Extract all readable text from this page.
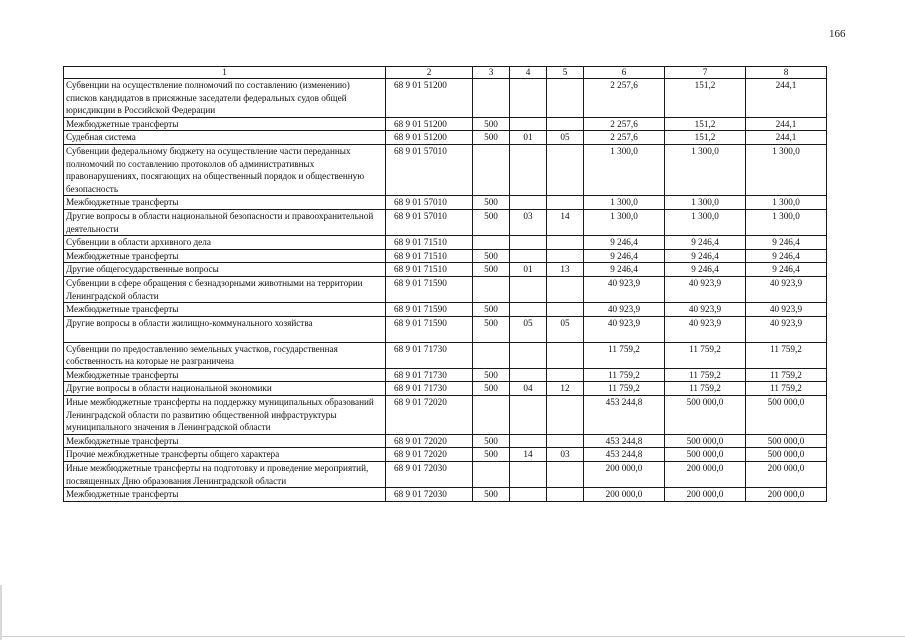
166
1	2	3	4	5	6	7	8
Субвенции на осуществление полномочий по составлению (изменению) списков кандидатов в присяжные заседатели федеральных судов общей юрисдикции в Российской Федерации	68 9 01 51200				2 257,6	151,2	244,1
Межбюджетные трансферты	68 9 01 51200	500			2 257,6	151,2	244,1
Судебная система	68 9 01 51200	500	01	05	2 257,6	151,2	244,1
Субвенции федеральному бюджету на осуществление части переданных полномочий по составлению протоколов об административных правонарушениях, посягающих на общественный порядок и общественную безопасность	68 9 01 57010				1 300,0	1 300,0	1 300,0
Межбюджетные трансферты	68 9 01 57010	500			1 300,0	1 300,0	1 300,0
Другие вопросы в области национальной безопасности и правоохранительной деятельности	68 9 01 57010	500	03	14	1 300,0	1 300,0	1 300,0
Субвенции в области архивного дела	68 9 01 71510				9 246,4	9 246,4	9 246,4
Межбюджетные трансферты	68 9 01 71510	500			9 246,4	9 246,4	9 246,4
Другие общегосударственные вопросы	68 9 01 71510	500	01	13	9 246,4	9 246,4	9 246,4
Субвенции в сфере обращения с безнадзорными животными на территории Ленинградской области	68 9 01 71590				40 923,9	40 923,9	40 923,9
Межбюджетные трансферты	68 9 01 71590	500			40 923,9	40 923,9	40 923,9
Другие вопросы в области жилищно-коммунального хозяйства	68 9 01 71590	500	05	05	40 923,9	40 923,9	40 923,9
Субвенции по предоставлению земельных участков, государственная собственность на которые не разграничена	68 9 01 71730				11 759,2	11 759,2	11 759,2
Межбюджетные трансферты	68 9 01 71730	500			11 759,2	11 759,2	11 759,2
Другие вопросы в области национальной экономики	68 9 01 71730	500	04	12	11 759,2	11 759,2	11 759,2
Иные межбюджетные трансферты на поддержку муниципальных образований Ленинградской области по развитию общественной инфраструктуры муниципального значения в Ленинградской области	68 9 01 72020				453 244,8	500 000,0	500 000,0
Межбюджетные трансферты	68 9 01 72020	500			453 244,8	500 000,0	500 000,0
Прочие межбюджетные трансферты общего характера	68 9 01 72020	500	14	03	453 244,8	500 000,0	500 000,0
Иные межбюджетные трансферты на подготовку и проведение мероприятий, посвященных Дню образования Ленинградской области	68 9 01 72030				200 000,0	200 000,0	200 000,0
Межбюджетные трансферты	68 9 01 72030	500			200 000,0	200 000,0	200 000,0
